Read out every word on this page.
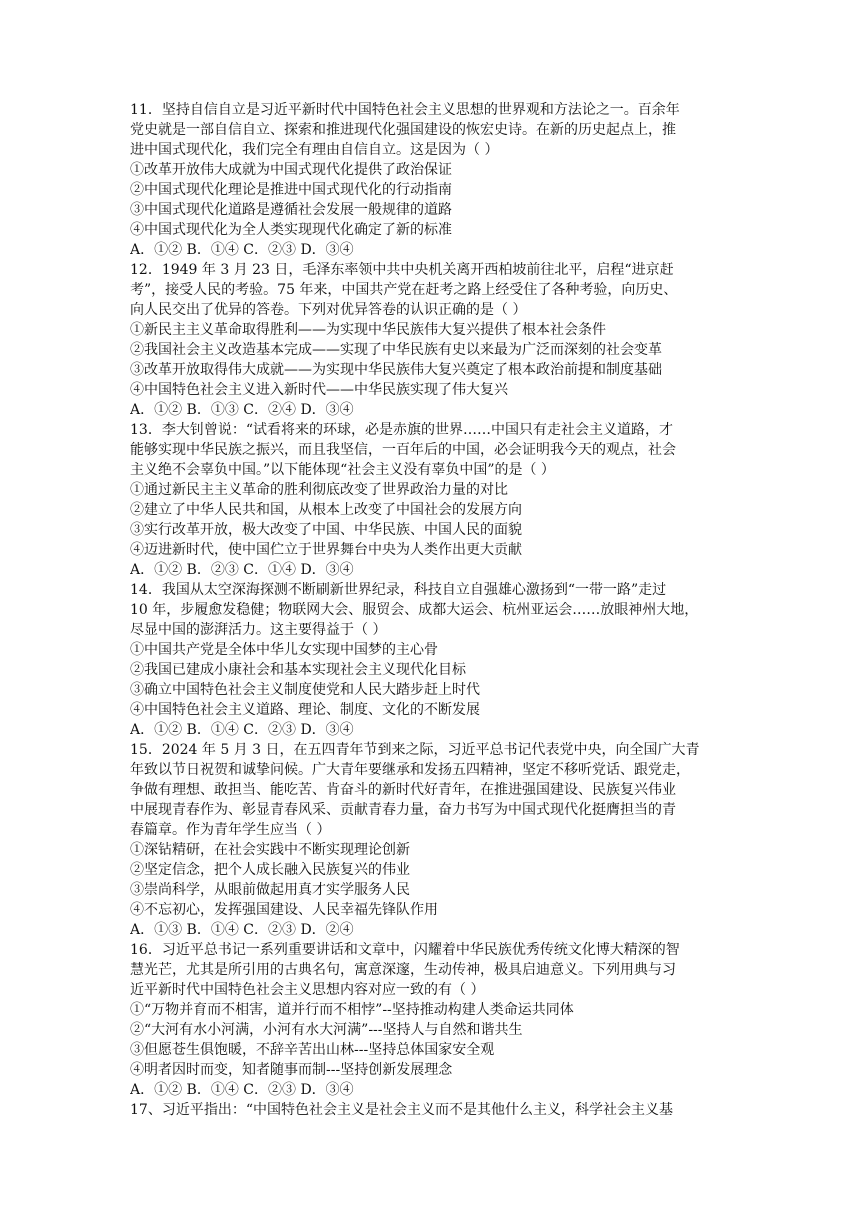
11．坚持自信自立是习近平新时代中国特色社会主义思想的世界观和方法论之一。百余年
党史就是一部自信自立、探索和推进现代化强国建设的恢宏史诗。在新的历史起点上，推
进中国式现代化，我们完全有理由自信自立。这是因为（ ）
①改革开放伟大成就为中国式现代化提供了政治保证
②中国式现代化理论是推进中国式现代化的行动指南
③中国式现代化道路是遵循社会发展一般规律的道路
④中国式现代化为全人类实现现代化确定了新的标准
A．①② B．①④ C．②③ D．③④
12．1949 年 3 月 23 日，毛泽东率领中共中央机关离开西柏坡前往北平，启程“进京赶
考”，接受人民的考验。75 年来，中国共产党在赶考之路上经受住了各种考验，向历史、
向人民交出了优异的答卷。下列对优异答卷的认识正确的是（ ）
①新民主主义革命取得胜利——为实现中华民族伟大复兴提供了根本社会条件
②我国社会主义改造基本完成——实现了中华民族有史以来最为广泛而深刻的社会变革
③改革开放取得伟大成就——为实现中华民族伟大复兴奠定了根本政治前提和制度基础
④中国特色社会主义进入新时代——中华民族实现了伟大复兴
A．①② B．①③ C．②④ D．③④
13．李大钊曾说：“试看将来的环球，必是赤旗的世界……中国只有走社会主义道路，才
能够实现中华民族之振兴，而且我坚信，一百年后的中国，必会证明我今天的观点，社会
主义绝不会辜负中国。”以下能体现“社会主义没有辜负中国”的是（ ）
①通过新民主主义革命的胜利彻底改变了世界政治力量的对比
②建立了中华人民共和国，从根本上改变了中国社会的发展方向
③实行改革开放，极大改变了中国、中华民族、中国人民的面貌
④迈进新时代，使中国伫立于世界舞台中央为人类作出更大贡献
A．①② B．②③ C．①④ D．③④
14．我国从太空深海探测不断刷新世界纪录，科技自立自强雄心激扬到“一带一路”走过
10 年，步履愈发稳健；物联网大会、服贸会、成都大运会、杭州亚运会……放眼神州大地，
尽显中国的澎湃活力。这主要得益于（ ）
①中国共产党是全体中华儿女实现中国梦的主心骨
②我国已建成小康社会和基本实现社会主义现代化目标
③确立中国特色社会主义制度使党和人民大踏步赶上时代
④中国特色社会主义道路、理论、制度、文化的不断发展
A．①② B．①④ C．②③ D．③④
15．2024 年 5 月 3 日，在五四青年节到来之际，习近平总书记代表党中央，向全国广大青
年致以节日祝贺和诚挚问候。广大青年要继承和发扬五四精神，坚定不移听党话、跟党走，
争做有理想、敢担当、能吃苦、肯奋斗的新时代好青年，在推进强国建设、民族复兴伟业
中展现青春作为、彰显青春风采、贡献青春力量，奋力书写为中国式现代化挺膺担当的青
春篇章。作为青年学生应当（ ）
①深钻精研，在社会实践中不断实现理论创新
②坚定信念，把个人成长融入民族复兴的伟业
③崇尚科学，从眼前做起用真才实学服务人民
④不忘初心，发挥强国建设、人民幸福先锋队作用
A．①③ B．①④ C．②③ D．②④
16．习近平总书记一系列重要讲话和文章中，闪耀着中华民族优秀传统文化博大精深的智
慧光芒，尤其是所引用的古典名句，寓意深邃，生动传神，极具启迪意义。下列用典与习
近平新时代中国特色社会主义思想内容对应一致的有（ ）
①“万物并育而不相害，道并行而不相悖”--坚持推动构建人类命运共同体
②“大河有水小河满，小河有水大河满”---坚持人与自然和谐共生
③但愿苍生俱饱暖，不辞辛苦出山林---坚持总体国家安全观
④明者因时而变，知者随事而制---坚持创新发展理念
A．①② B．①④ C．②③ D．③④
17、习近平指出：“中国特色社会主义是社会主义而不是其他什么主义，科学社会主义基
